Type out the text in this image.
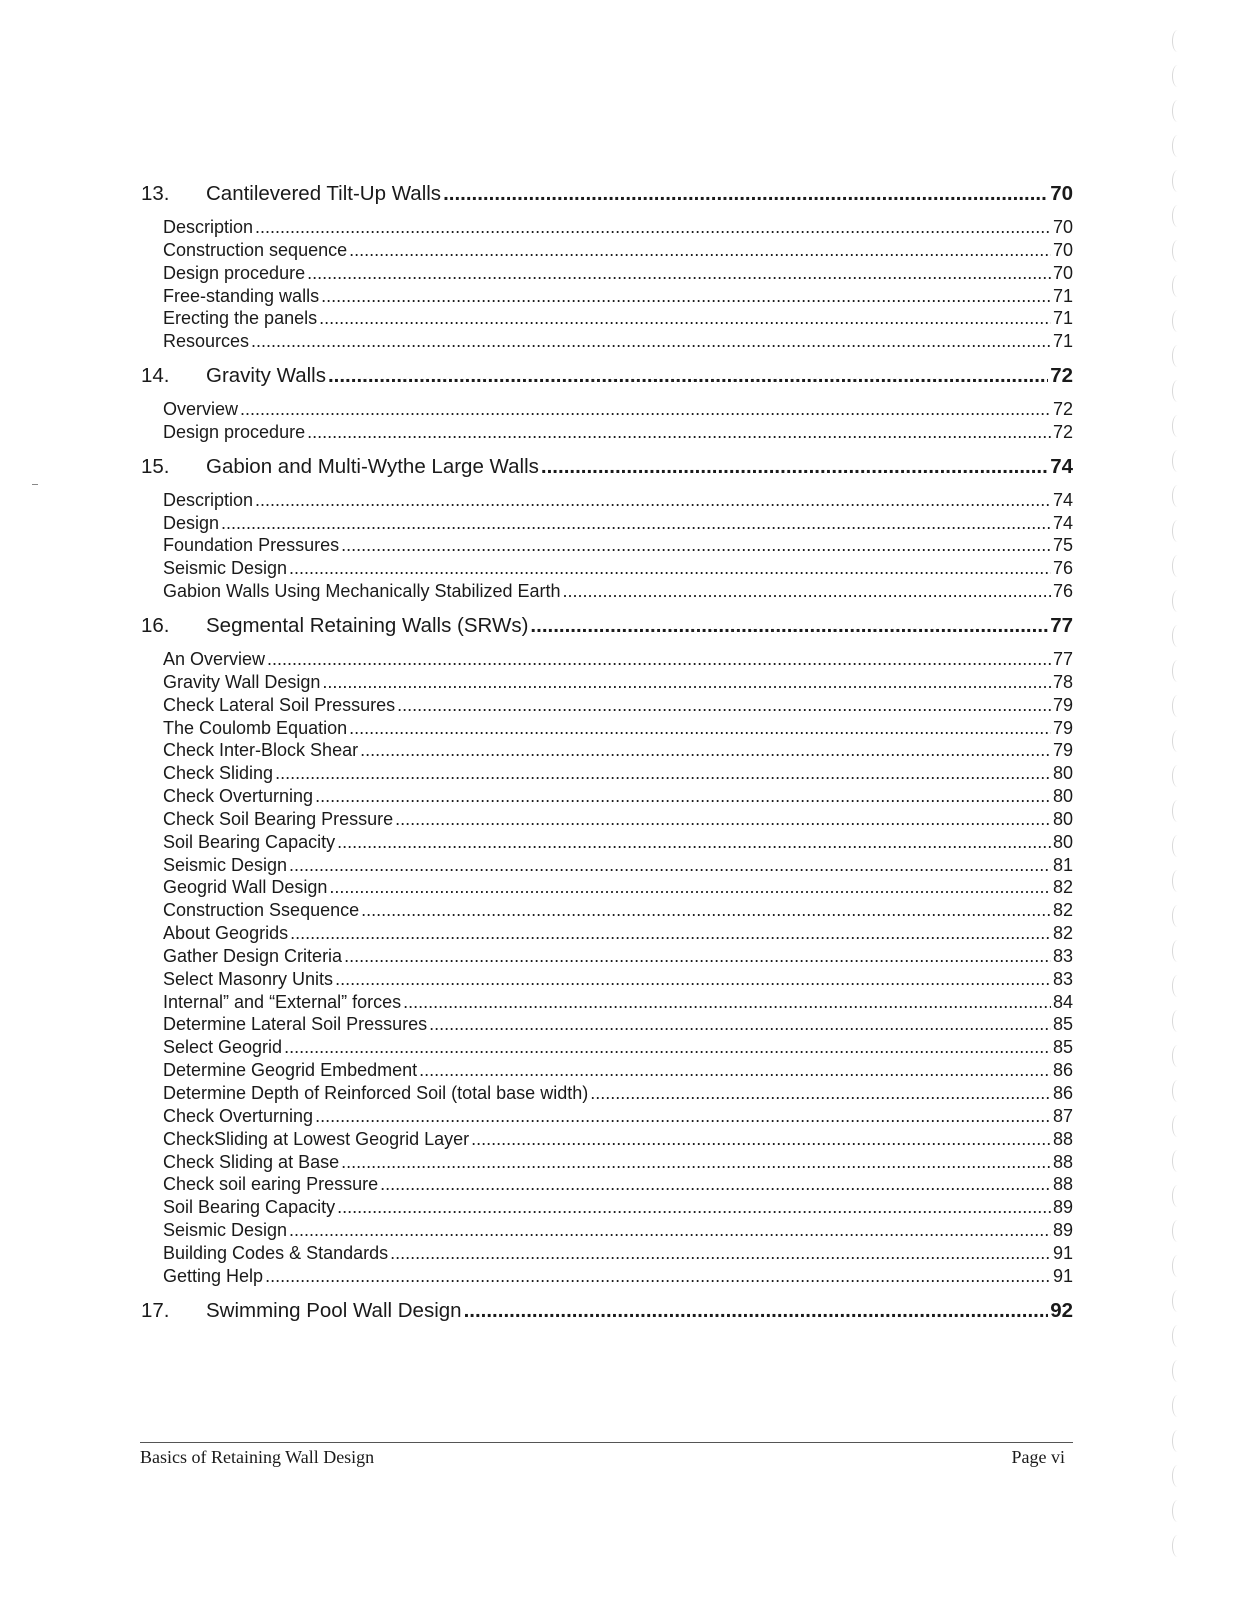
13.	Cantilevered Tilt-Up Walls .....	70
Description .....	70
Construction sequence .....	70
Design procedure .....	70
Free-standing walls .....	71
Erecting the panels .....	71
Resources .....	71
14.	Gravity Walls .....	72
Overview .....	72
Design procedure .....	72
15.	Gabion and Multi-Wythe Large Walls .....	74
Description .....	74
Design .....	74
Foundation Pressures .....	75
Seismic Design .....	76
Gabion Walls Using Mechanically Stabilized Earth .....	76
16.	Segmental Retaining Walls (SRWs) .....	77
An Overview .....	77
Gravity Wall Design .....	78
Check Lateral Soil Pressures .....	79
The Coulomb Equation .....	79
Check Inter-Block Shear .....	79
Check Sliding .....	80
Check Overturning .....	80
Check Soil Bearing Pressure .....	80
Soil Bearing Capacity .....	80
Seismic Design .....	81
Geogrid Wall Design .....	82
Construction Ssequence .....	82
About Geogrids .....	82
Gather Design Criteria .....	83
Select Masonry Units .....	83
Internal” and “External” forces .....	84
Determine Lateral Soil Pressures .....	85
Select Geogrid .....	85
Determine Geogrid Embedment .....	86
Determine Depth of Reinforced Soil (total base width) .....	86
Check Overturning .....	87
CheckSliding at Lowest Geogrid Layer .....	88
Check Sliding at Base .....	88
Check soil earing Pressure .....	88
Soil Bearing Capacity .....	89
Seismic Design .....	89
Building Codes & Standards .....	91
Getting Help .....	91
17.	Swimming Pool Wall Design .....	92
Basics of Retaining Wall Design	Page vi
